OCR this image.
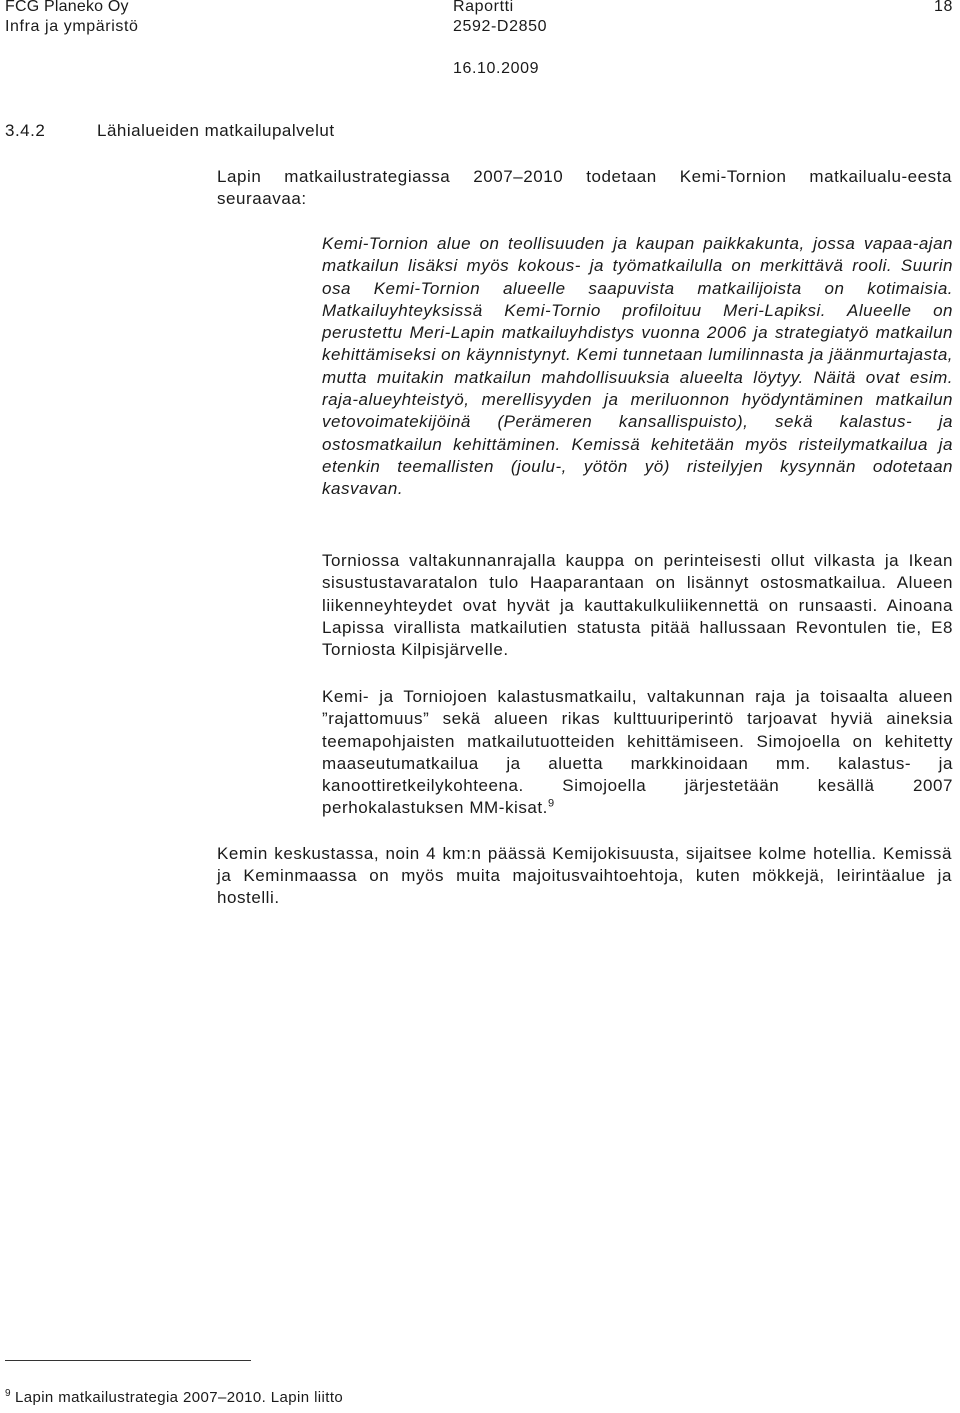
FCG Planeko Oy
Infra ja ympäristö
Raportti
2592-D2850
16.10.2009
18
3.4.2	Lähialueiden matkailupalvelut

Lapin matkailustrategiassa 2007–2010 todetaan Kemi-Tornion matkailualu-eesta seuraavaa:

Kemi-Tornion alue on teollisuuden ja kaupan paikkakunta, jossa vapaa-ajan matkailun lisäksi myös kokous- ja työmatkailulla on merkittävä rooli. Suurin osa Kemi-Tornion alueelle saapuvista matkailijoista on kotimaisia. Matkailuyhteyksissä Kemi-Tornio profiloituu Meri-Lapiksi. Alueelle on perustettu Meri-Lapin matkailuyhdistys vuonna 2006 ja strategiatyö matkailun kehittämiseksi on käynnistynyt. Kemi tunnetaan lumilinnasta ja jäänmurtajasta, mutta muitakin matkailun mahdollisuuksia alueelta löytyy. Näitä ovat esim. raja-alueyhteistyö, merellisyyden ja meriluonnon hyödyntäminen matkailun vetovoimatekijöinä (Perämeren kansallispuisto), sekä kalastus- ja ostosmatkailun kehittäminen. Kemissä kehitetään myös risteilymatkailua ja etenkin teemallisten (joulu-, yötön yö) risteilyjen kysynnän odotetaan kasvavan.

Torniossa valtakunnanrajalla kauppa on perinteisesti ollut vilkasta ja Ikean sisustustavaratalon tulo Haaparantaan on lisännyt ostosmatkailua. Alueen liikenneyhteydet ovat hyvät ja kauttakulkuliikennettä on runsaasti. Ainoana Lapissa virallista matkailutien statusta pitää hallussaan Revontulen tie, E8 Torniosta Kilpisjärvelle.

Kemi- ja Torniojoen kalastusmatkailu, valtakunnan raja ja toisaalta alueen ”rajattomuus” sekä alueen rikas kulttuuriperintö tarjoavat hyviä aineksia teemapohjaisten matkailutuotteiden kehittämiseen. Simojoella on kehitetty maaseutumatkailua ja aluetta markkinoidaan mm. kalastus- ja kanoottiretkeilykohteena. Simojoella järjestetään kesällä 2007 perhokalastuksen MM-kisat.$^9$

Kemin keskustassa, noin 4 km:n päässä Kemijokisuusta, sijaitsee kolme hotellia. Kemissä ja Keminmaassa on myös muita majoitusvaihtoehtoja, kuten mökkejä, leirintäalue ja hostelli.

$^9$ Lapin matkailustrategia 2007–2010. Lapin liitto
